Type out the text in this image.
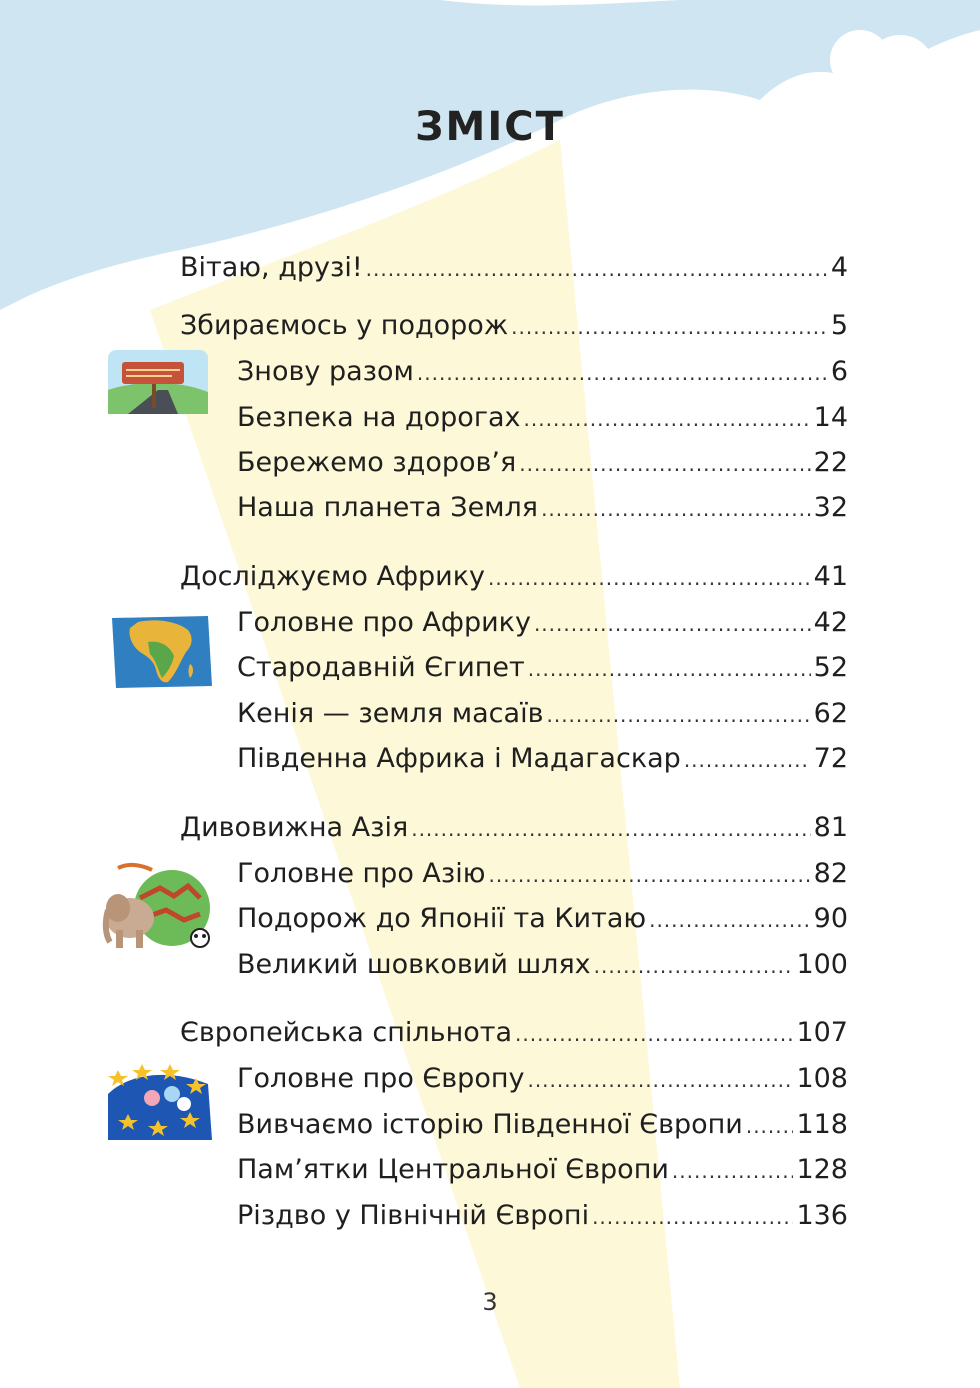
ЗМІСТ
Вітаю, друзі! .....	4
Збираємось у подорож .....	5
Знову разом .....	6
Безпека на дорогах .....	14
Бережемо здоров’я .....	22
Наша планета Земля .....	32
Досліджуємо Африку .....	41
Головне про Африку .....	42
Стародавній Єгипет .....	52
Кенія — земля масаїв .....	62
Південна Африка і Мадагаскар .....	72
Дивовижна Азія .....	81
Головне про Азію .....	82
Подорож до Японії та Китаю .....	90
Великий шовковий шлях .....	100
Європейська спільнота .....	107
Головне про Європу .....	108
Вивчаємо історію Південної Європи ..... 118
Пам’ятки Центральної Європи .....	128
Різдво у Північній Європі .....	136
3
